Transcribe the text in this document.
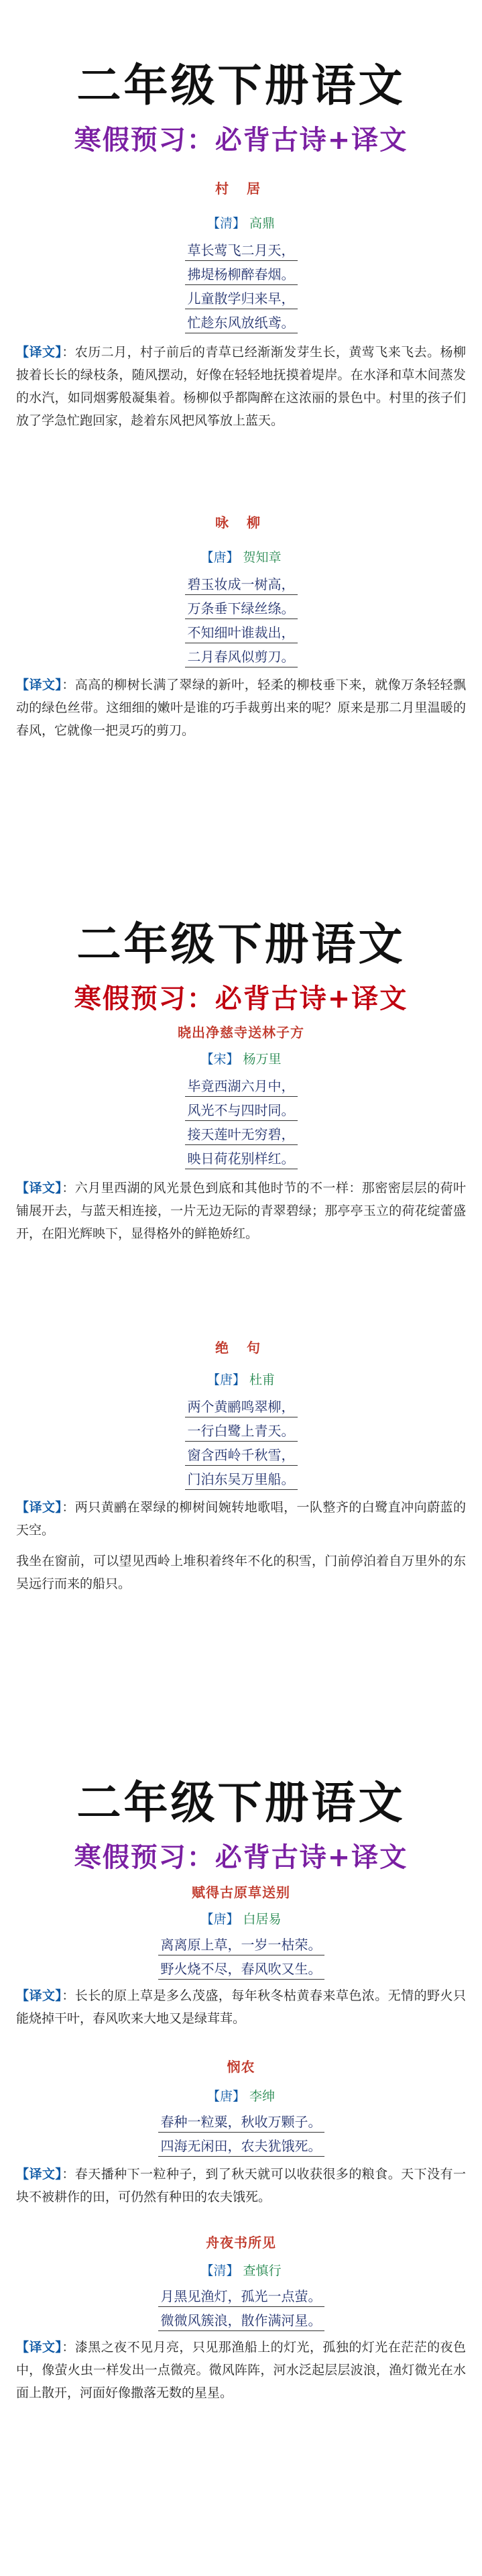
二年级下册语文
寒假预习：必背古诗+译文
村 居
【清】 高鼎
草长莺飞二月天，
拂堤杨柳醉春烟。
儿童散学归来早，
忙趁东风放纸鸢。
【译文】：农历二月，村子前后的青草已经渐渐发芽生长，黄莺飞来飞去。杨柳披着长长的绿枝条，随风摆动，好像在轻轻地抚摸着堤岸。在水泽和草木间蒸发的水汽，如同烟雾般凝集着。杨柳似乎都陶醉在这浓丽的景色中。村里的孩子们放了学急忙跑回家，趁着东风把风筝放上蓝天。
咏 柳
【唐】 贺知章
碧玉妆成一树高，
万条垂下绿丝绦。
不知细叶谁裁出，
二月春风似剪刀。
【译文】：高高的柳树长满了翠绿的新叶，轻柔的柳枝垂下来，就像万条轻轻飘动的绿色丝带。这细细的嫩叶是谁的巧手裁剪出来的呢？原来是那二月里温暖的春风，它就像一把灵巧的剪刀。
二年级下册语文
寒假预习：必背古诗+译文
晓出净慈寺送林子方
【宋】 杨万里
毕竟西湖六月中，
风光不与四时同。
接天莲叶无穷碧，
映日荷花别样红。
【译文】：六月里西湖的风光景色到底和其他时节的不一样：那密密层层的荷叶铺展开去，与蓝天相连接，一片无边无际的青翠碧绿；那亭亭玉立的荷花绽蕾盛开，在阳光辉映下，显得格外的鲜艳娇红。
绝 句
【唐】 杜甫
两个黄鹂鸣翠柳，
一行白鹭上青天。
窗含西岭千秋雪，
门泊东吴万里船。
【译文】：两只黄鹂在翠绿的柳树间婉转地歌唱，一队整齐的白鹭直冲向蔚蓝的天空。
我坐在窗前，可以望见西岭上堆积着终年不化的积雪，门前停泊着自万里外的东吴远行而来的船只。
二年级下册语文
寒假预习：必背古诗+译文
赋得古原草送别
【唐】 白居易
离离原上草，一岁一枯荣。
野火烧不尽，春风吹又生。
【译文】：长长的原上草是多么茂盛，每年秋冬枯黄春来草色浓。无情的野火只能烧掉干叶，春风吹来大地又是绿茸茸。
悯农
【唐】 李绅
春种一粒粟，秋收万颗子。
四海无闲田，农夫犹饿死。
【译文】：春天播种下一粒种子，到了秋天就可以收获很多的粮食。天下没有一块不被耕作的田，可仍然有种田的农夫饿死。
舟夜书所见
【清】 查慎行
月黑见渔灯，孤光一点萤。
微微风簇浪，散作满河星。
【译文】：漆黑之夜不见月亮，只见那渔船上的灯光，孤独的灯光在茫茫的夜色中，像萤火虫一样发出一点微亮。微风阵阵，河水泛起层层波浪，渔灯微光在水面上散开，河面好像撒落无数的星星。
